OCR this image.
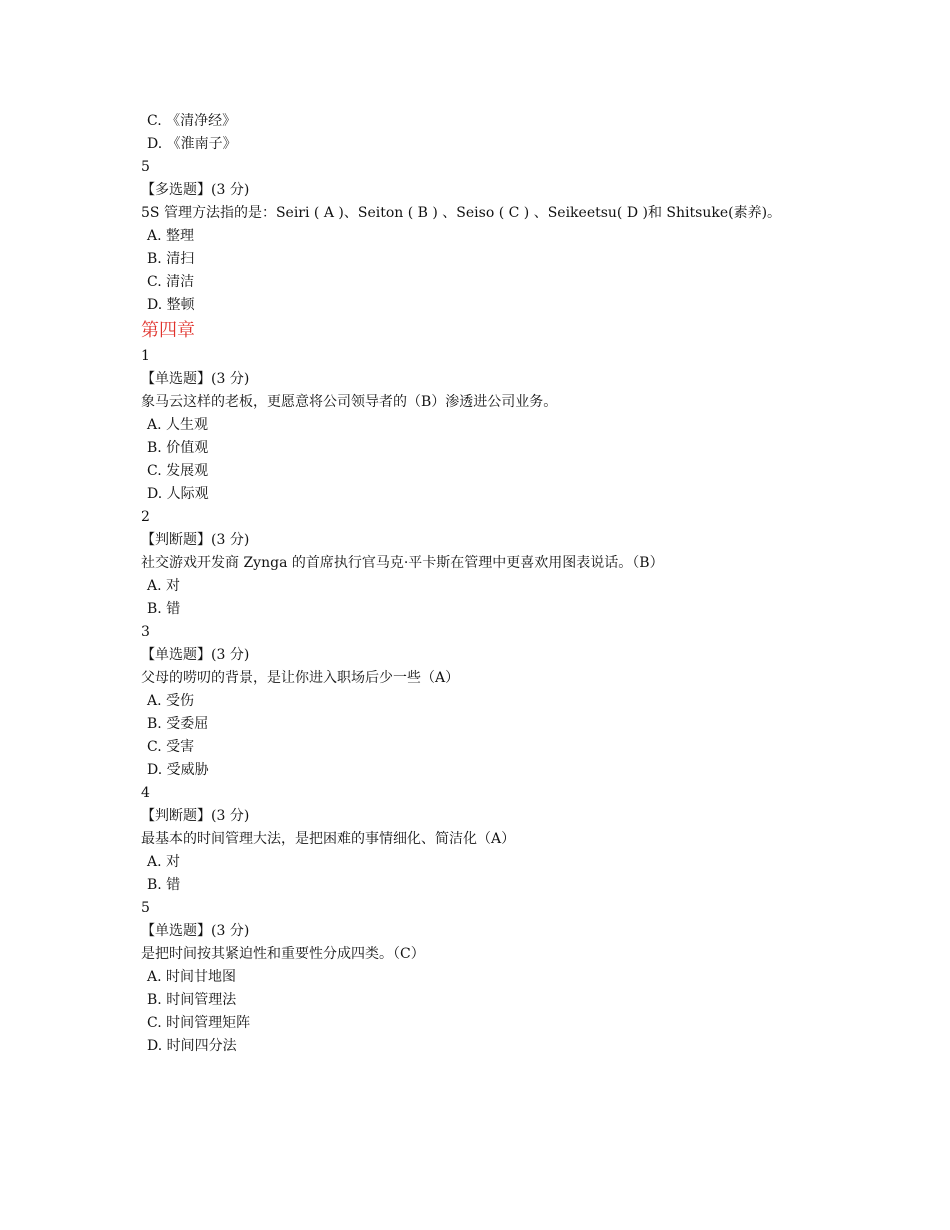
C. 《清净经》
D. 《淮南子》
5
【多选题】(3 分)
5S 管理方法指的是：Seiri ( A )、Seiton ( B ) 、Seiso ( C ) 、Seikeetsu( D )和 Shitsuke(素养)。
A. 整理
B. 清扫
C. 清洁
D. 整顿
第四章
1
【单选题】(3 分)
象马云这样的老板，更愿意将公司领导者的（B）渗透进公司业务。
A. 人生观
B. 价值观
C. 发展观
D. 人际观
2
【判断题】(3 分)
社交游戏开发商 Zynga 的首席执行官马克·平卡斯在管理中更喜欢用图表说话。（B）
A. 对
B. 错
3
【单选题】(3 分)
父母的唠叨的背景，是让你进入职场后少一些（A）
A. 受伤
B. 受委屈
C. 受害
D. 受威胁
4
【判断题】(3 分)
最基本的时间管理大法，是把困难的事情细化、简洁化（A）
A. 对
B. 错
5
【单选题】(3 分)
是把时间按其紧迫性和重要性分成四类。（C）
A. 时间甘地图
B. 时间管理法
C. 时间管理矩阵
D. 时间四分法
